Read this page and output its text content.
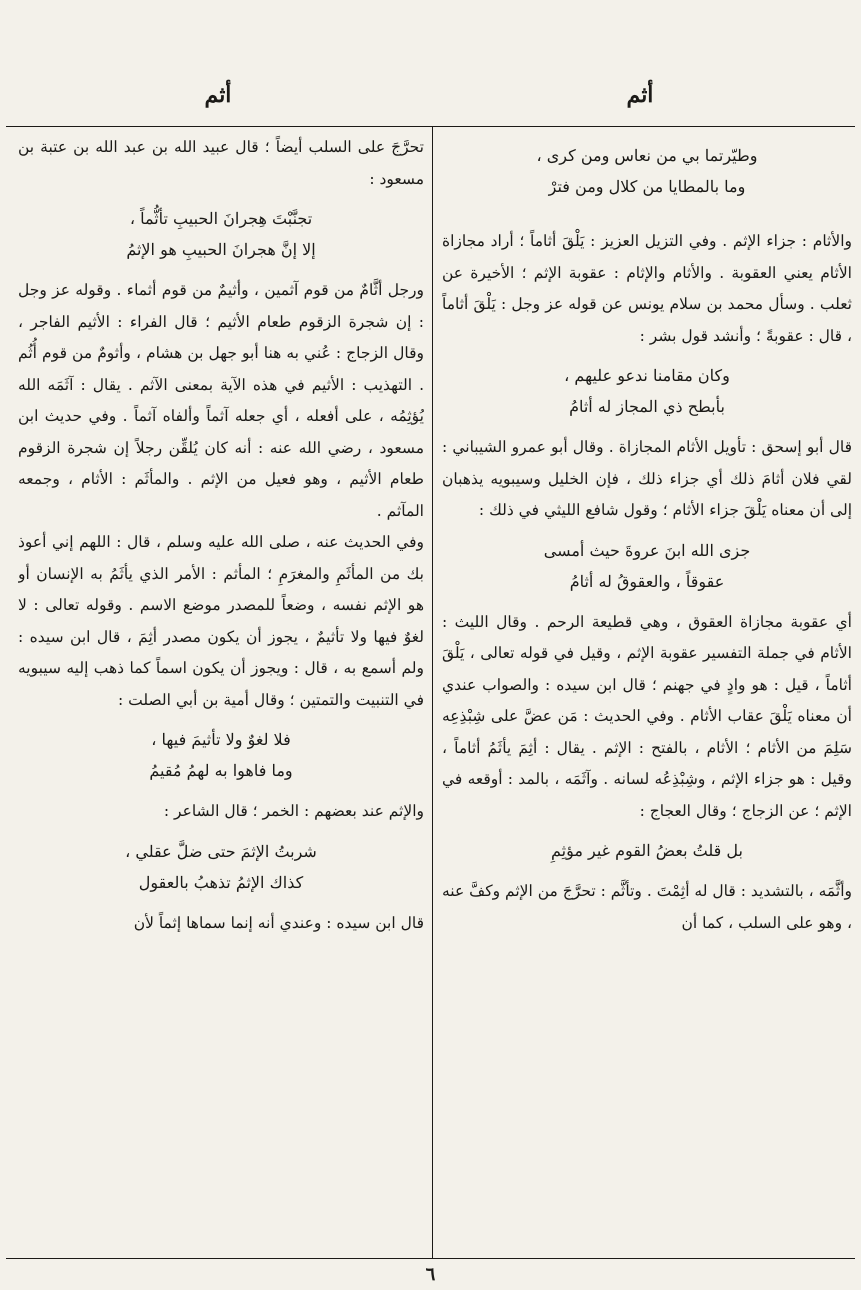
أثم
أثم
وطيّرتما بي من نعاس ومن كرى ،
وما بالمطايا من كلال ومن فترْ

والأثام : جزاء الإثم . وفي التزيل العزيز : يَلْقَ أثاماً ؛ أراد مجازاة الأثام يعني العقوبة . والأثام والإثام : عقوبة الإثم ؛ الأخيرة عن ثعلب . وسأل محمد بن سلام يونس عن قوله عز وجل : يَلْقَ أثاماً ، قال : عقوبةً ؛ وأنشد قول بشر :

وكان مقامنا ندعو عليهم ،
بأبطح ذي المجاز له أثامُ

قال أبو إسحق : تأويل الأثام المجازاة . وقال أبو عمرو الشيباني : لقي فلان أثامَ ذلك أي جزاء ذلك ، فإن الخليل وسيبويه يذهبان إلى أن معناه يَلْقَ جزاء الأثام ؛ وقول شافع الليثي في ذلك :

جزى الله ابنَ عروةَ حيث أمسى
عقوقاً ، والعقوقُ له أثامُ

أي عقوبة مجازاة العقوق ، وهي قطيعة الرحم . وقال الليث : الأثام في جملة التفسير عقوبة الإثم ، وقيل في قوله تعالى ، يَلْقَ أثاماً ، قيل : هو وادٍ في جهنم ؛ قال ابن سيده : والصواب عندي أن معناه يَلْقَ عقاب الأثام . وفي الحديث : مَن عضَّ على شِبْذِعِه سَلِمَ من الأثام ؛ الأثام ، بالفتح : الإثم . يقال : أثِمَ يأثَمُ أثاماً ، وقيل : هو جزاء الإثم ، وشِبْذِعُه لسانه . وآثَمَه ، بالمد : أوقعه في الإثم ؛ عن الزجاج ؛ وقال العجاج :

بل قلتُ بعضُ القوم غير مؤثِمِ

وأثَّمَه ، بالتشديد : قال له أثِمْتَ . وتأثَّم : تحرَّجَ من الإثم وكفَّ عنه ، وهو على السلب ، كما أن

تحرَّجَ على السلب أيضاً ؛ قال عبيد الله بن عبد الله بن عتبة بن مسعود :

تجنَّبْتَ هِجرانَ الحبيبِ تأثُّماً ،
إلا إنَّ هجرانَ الحبيبِ هو الإثمُ

ورجل أثَّامٌ من قوم آثمين ، وأثيمٌ من قوم أثماء . وقوله عز وجل : إن شجرة الزقوم طعام الأثيم ؛ قال الفراء : الأثيم الفاجر ، وقال الزجاج : عُني به هنا أبو جهل بن هشام ، وأثومٌ من قوم أُثُم . التهذيب : الأثيم في هذه الآية بمعنى الآثم . يقال : آثَمَه الله يُؤثِمُه ، على أفعله ، أي جعله آثماً وألفاه آثماً . وفي حديث ابن مسعود ، رضي الله عنه : أنه كان يُلقِّن رجلاً إن شجرة الزقوم طعام الأثيم ، وهو فعيل من الإثم . والمأثَم : الأثام ، وجمعه المآثم .

وفي الحديث عنه ، صلى الله عليه وسلم ، قال : اللهم إني أعوذ بك من المأثَمِ والمغرَمِ ؛ المأثم : الأمر الذي يأثَمُ به الإنسان أو هو الإثم نفسه ، وضعاً للمصدر موضع الاسم . وقوله تعالى : لا لغوٌ فيها ولا تأثيمٌ ، يجوز أن يكون مصدر أثِمَ ، قال ابن سيده : ولم أسمع به ، قال : ويجوز أن يكون اسماً كما ذهب إليه سيبويه في التنبيت والتمتين ؛ وقال أمية بن أبي الصلت :

فلا لغوٌ ولا تأثيمَ فيها ،
وما فاهوا به لهمُ مُقيمُ

والإثم عند بعضهم : الخمر ؛ قال الشاعر :

شربتُ الإثمَ حتى ضلَّ عقلي ،
كذاك الإثمُ تذهبُ بالعقول

قال ابن سيده : وعندي أنه إنما سماها إثماً لأن

٦
